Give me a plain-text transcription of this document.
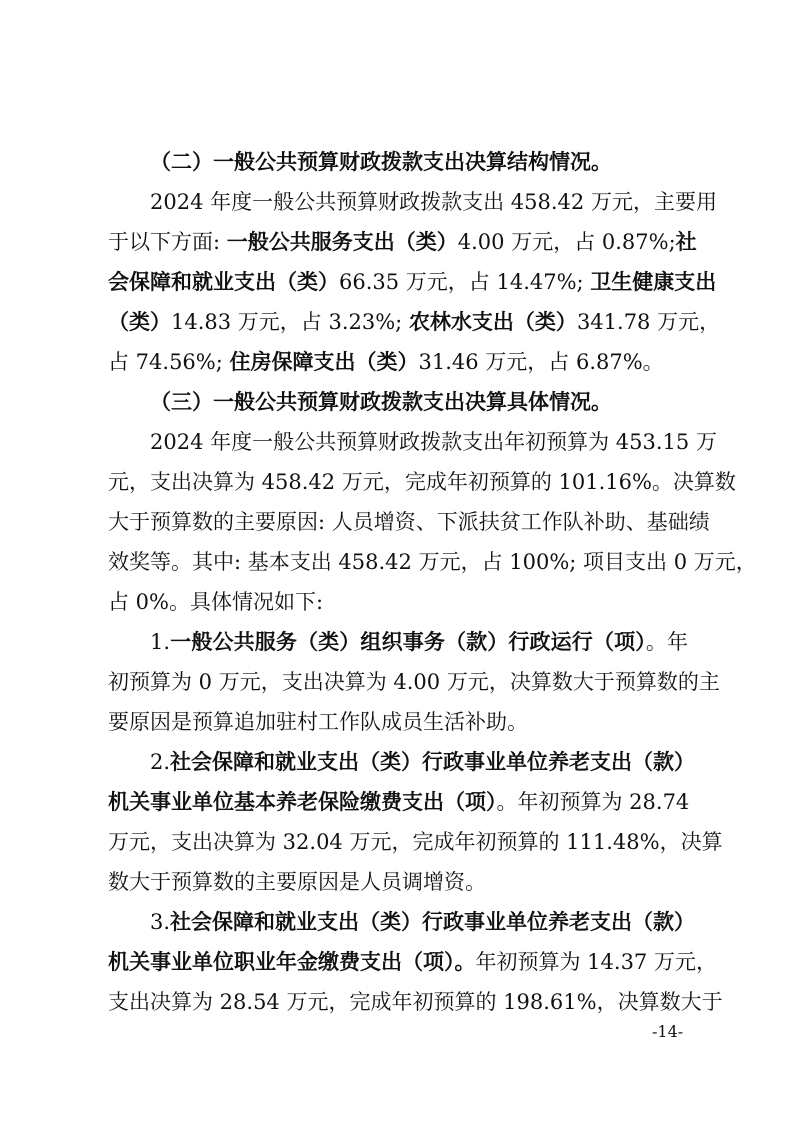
（二）一般公共预算财政拨款支出决算结构情况。
2024 年度一般公共预算财政拨款支出 458.42 万元，主要用
于以下方面: 一般公共服务支出（类）4.00 万元，占 0.87%;社
会保障和就业支出（类）66.35 万元，占 14.47%; 卫生健康支出
（类）14.83 万元，占 3.23%; 农林水支出（类）341.78 万元，
占 74.56%; 住房保障支出（类）31.46 万元，占 6.87%。
（三）一般公共预算财政拨款支出决算具体情况。
2024 年度一般公共预算财政拨款支出年初预算为 453.15 万
元，支出决算为 458.42 万元，完成年初预算的 101.16%。决算数
大于预算数的主要原因: 人员增资、下派扶贫工作队补助、基础绩
效奖等。其中: 基本支出 458.42 万元，占 100%; 项目支出 0 万元，
占 0%。具体情况如下:
1.一般公共服务（类）组织事务（款）行政运行（项）。年
初预算为 0 万元，支出决算为 4.00 万元，决算数大于预算数的主
要原因是预算追加驻村工作队成员生活补助。
2.社会保障和就业支出（类）行政事业单位养老支出（款）
机关事业单位基本养老保险缴费支出（项）。年初预算为 28.74
万元，支出决算为 32.04 万元，完成年初预算的 111.48%，决算
数大于预算数的主要原因是人员调增资。
3.社会保障和就业支出（类）行政事业单位养老支出（款）
机关事业单位职业年金缴费支出（项）。年初预算为 14.37 万元，
支出决算为 28.54 万元，完成年初预算的 198.61%，决算数大于
-14-
